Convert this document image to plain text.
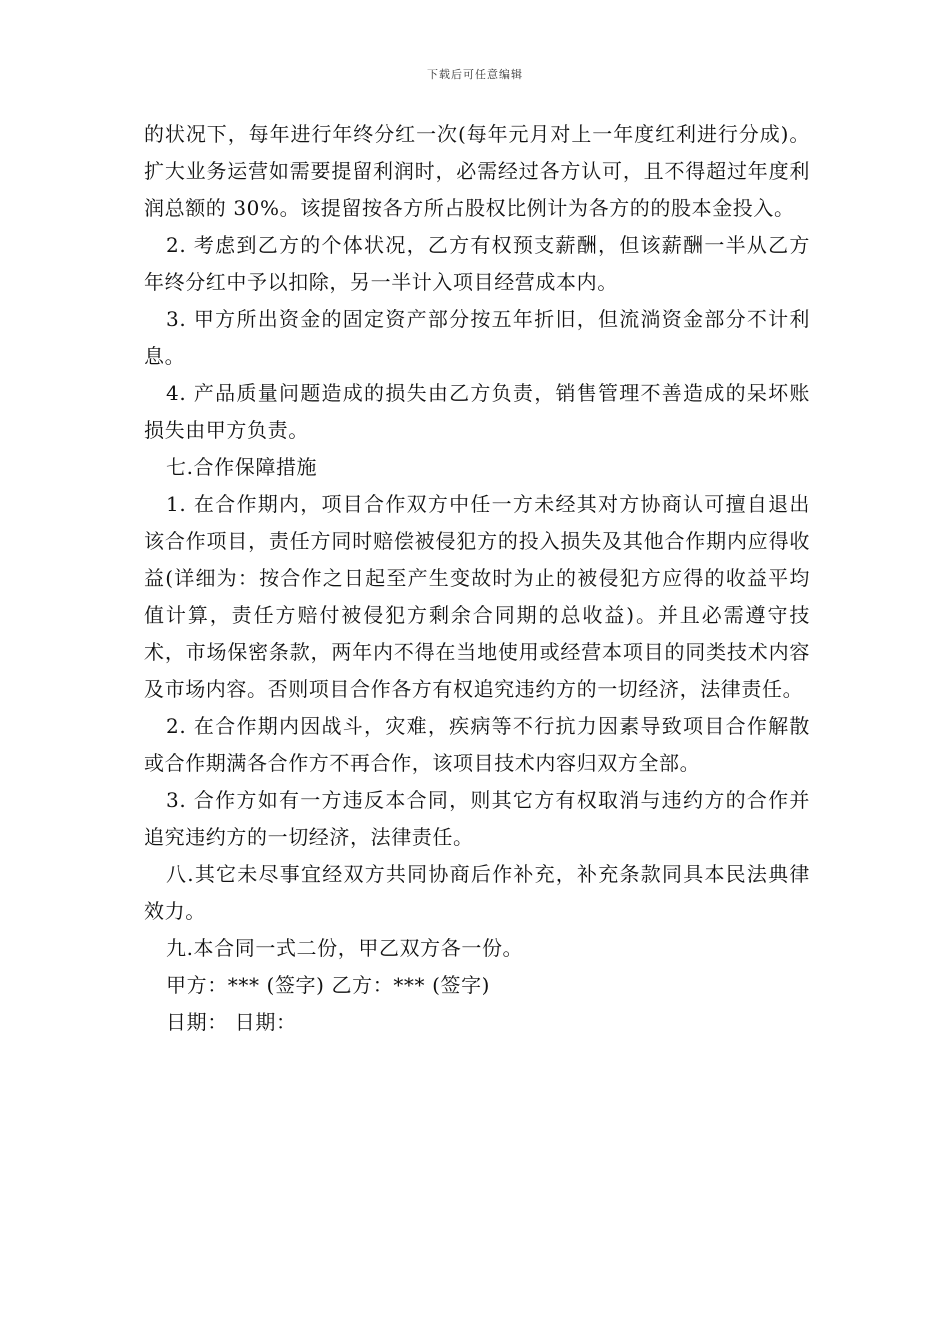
下载后可任意编辑

的状况下，每年进行年终分红一次(每年元月对上一年度红利进行分成)。扩大业务运营如需要提留利润时，必需经过各方认可，且不得超过年度利润总额的 30%。该提留按各方所占股权比例计为各方的的股本金投入。

2. 考虑到乙方的个体状况，乙方有权预支薪酬，但该薪酬一半从乙方年终分红中予以扣除，另一半计入项目经营成本内。

3. 甲方所出资金的固定资产部分按五年折旧，但流淌资金部分不计利息。

4. 产品质量问题造成的损失由乙方负责，销售管理不善造成的呆坏账损失由甲方负责。

七.合作保障措施

1. 在合作期内，项目合作双方中任一方未经其对方协商认可擅自退出该合作项目，责任方同时赔偿被侵犯方的投入损失及其他合作期内应得收益(详细为：按合作之日起至产生变故时为止的被侵犯方应得的收益平均值计算，责任方赔付被侵犯方剩余合同期的总收益)。并且必需遵守技术，市场保密条款，两年内不得在当地使用或经营本项目的同类技术内容及市场内容。否则项目合作各方有权追究违约方的一切经济，法律责任。

2. 在合作期内因战斗，灾难，疾病等不行抗力因素导致项目合作解散或合作期满各合作方不再合作，该项目技术内容归双方全部。

3. 合作方如有一方违反本合同，则其它方有权取消与违约方的合作并追究违约方的一切经济，法律责任。

八.其它未尽事宜经双方共同协商后作补充，补充条款同具本民法典律效力。

九.本合同一式二份，甲乙双方各一份。

甲方：*** (签字) 乙方：*** (签字)

日期： 日期：
